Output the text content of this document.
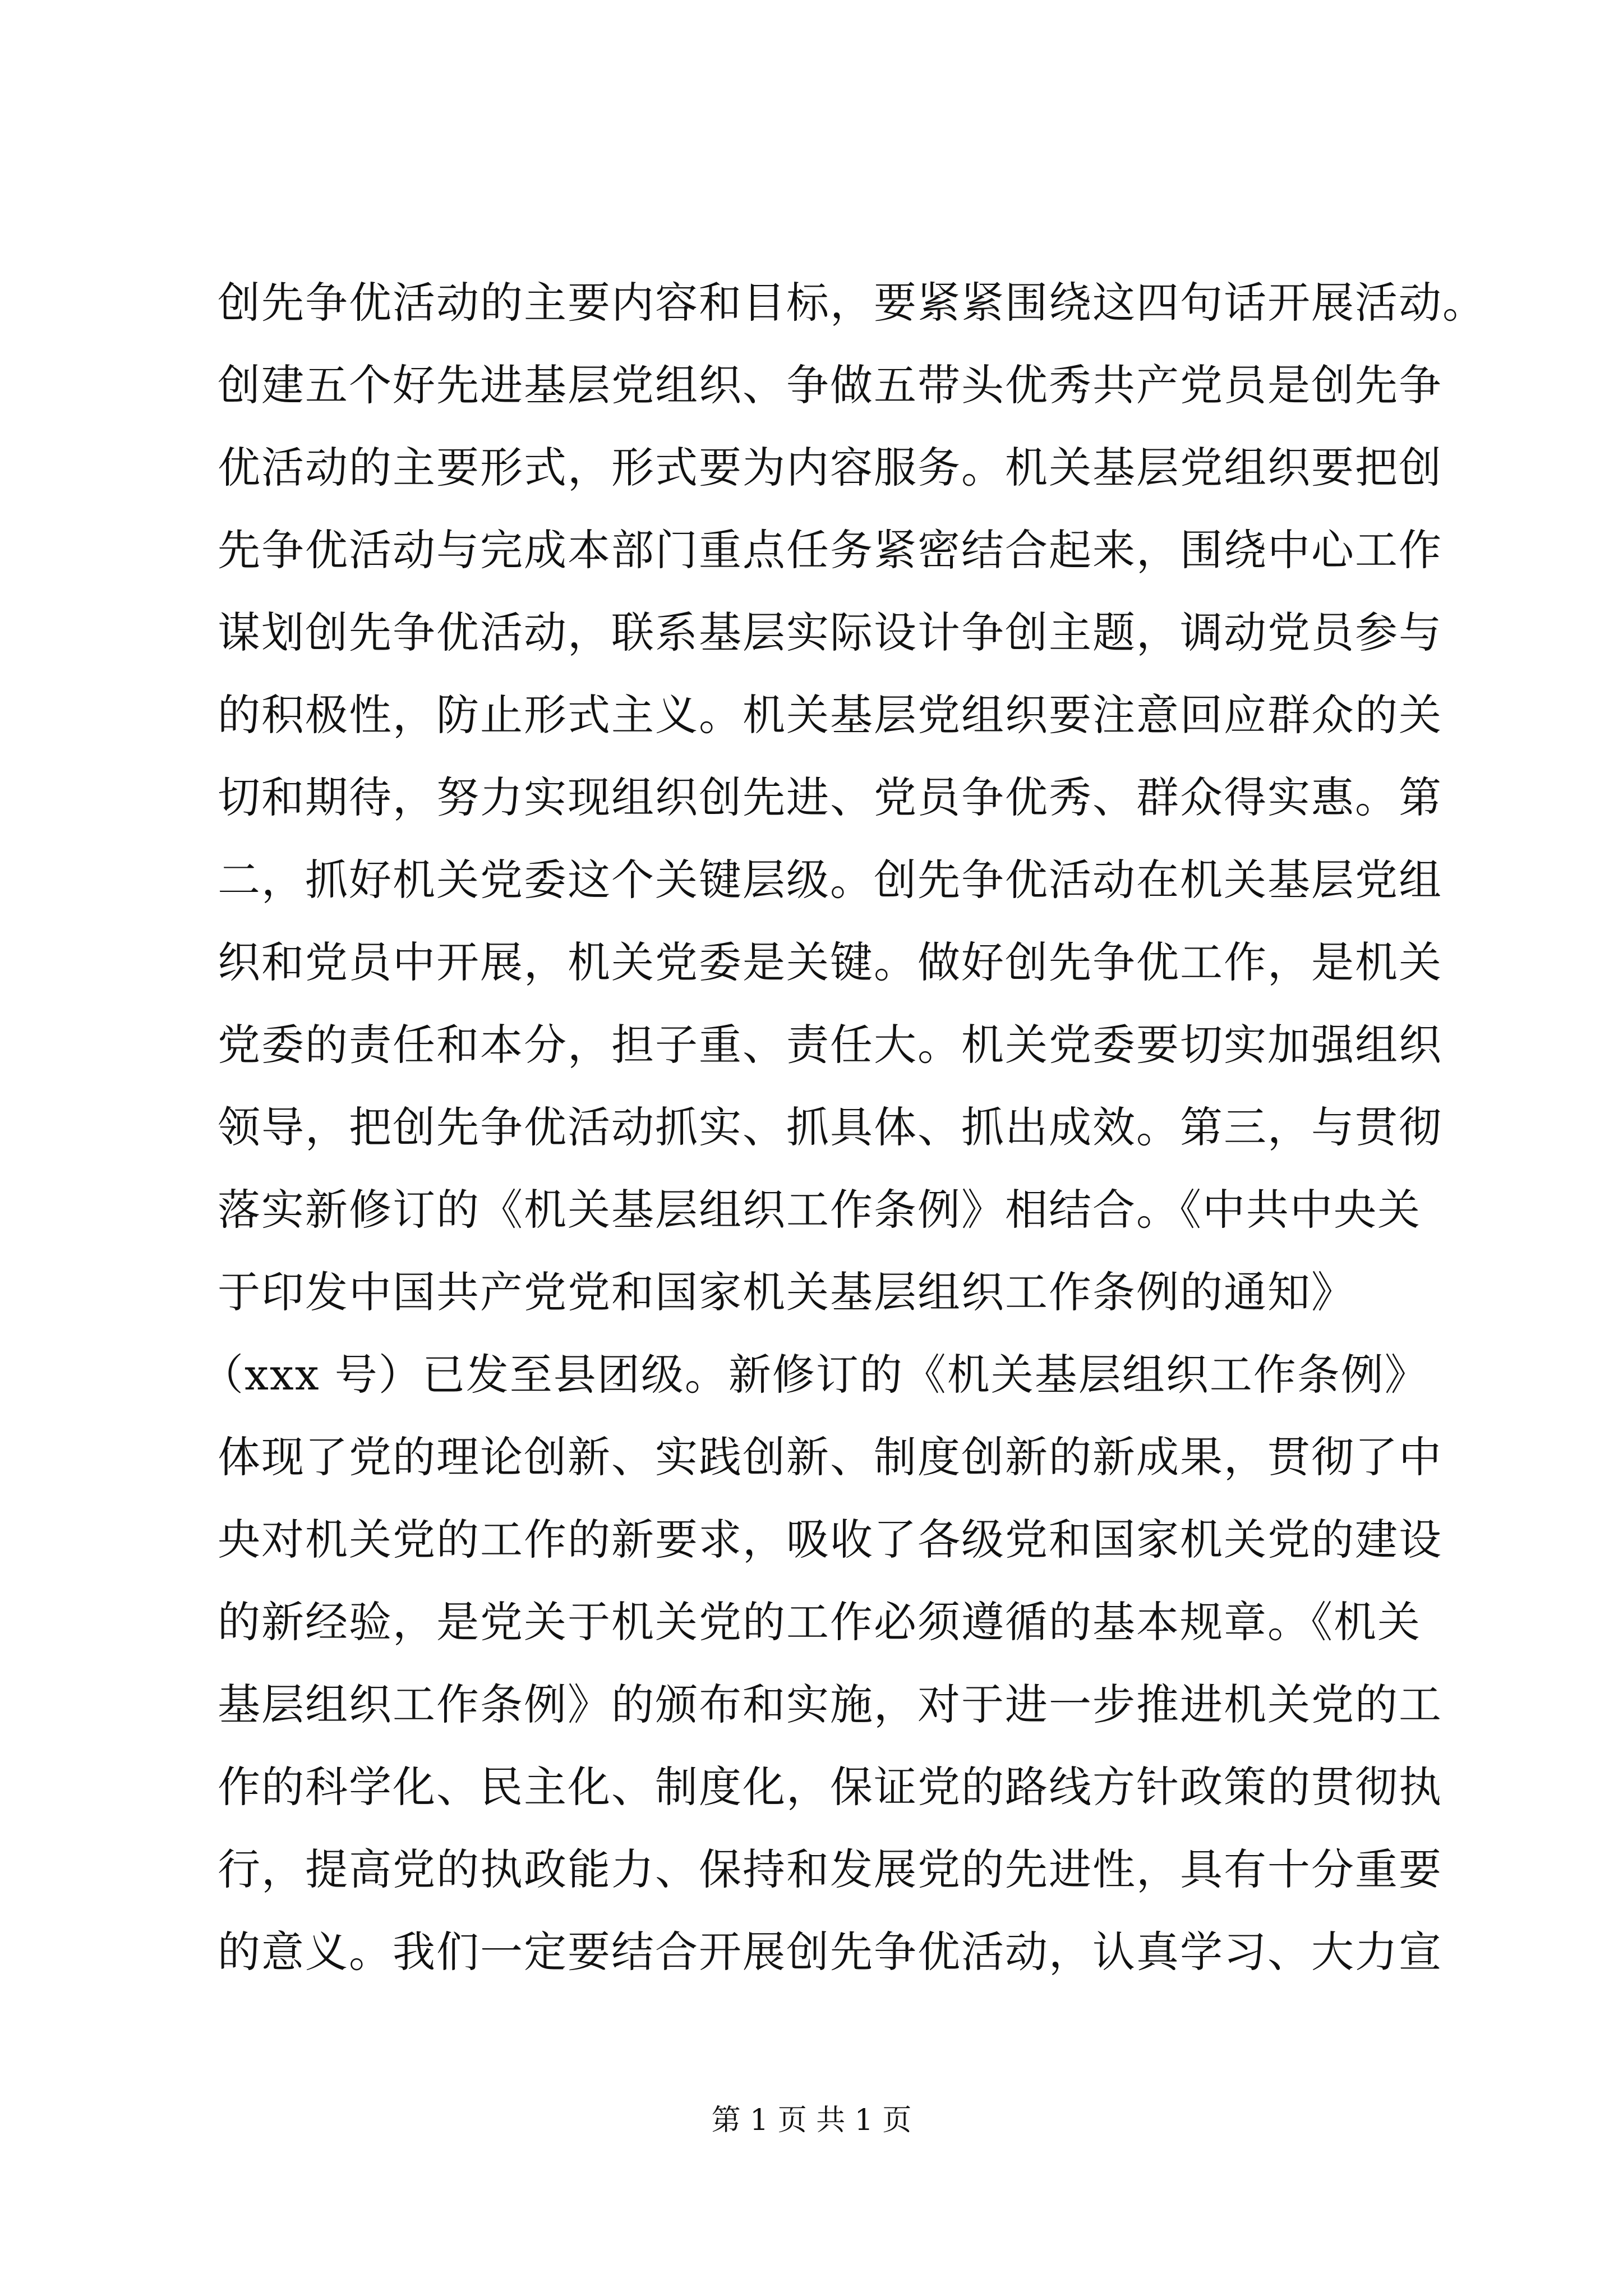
创先争优活动的主要内容和目标，要紧紧围绕这四句话开展活动。
创建五个好先进基层党组织、争做五带头优秀共产党员是创先争
优活动的主要形式，形式要为内容服务。机关基层党组织要把创
先争优活动与完成本部门重点任务紧密结合起来，围绕中心工作
谋划创先争优活动，联系基层实际设计争创主题，调动党员参与
的积极性，防止形式主义。机关基层党组织要注意回应群众的关
切和期待，努力实现组织创先进、党员争优秀、群众得实惠。第
二，抓好机关党委这个关键层级。创先争优活动在机关基层党组
织和党员中开展，机关党委是关键。做好创先争优工作，是机关
党委的责任和本分，担子重、责任大。机关党委要切实加强组织
领导，把创先争优活动抓实、抓具体、抓出成效。第三，与贯彻
落实新修订的《机关基层组织工作条例》相结合。《中共中央关
于印发中国共产党党和国家机关基层组织工作条例的通知》
（xxx 号）已发至县团级。新修订的《机关基层组织工作条例》
体现了党的理论创新、实践创新、制度创新的新成果，贯彻了中
央对机关党的工作的新要求，吸收了各级党和国家机关党的建设
的新经验，是党关于机关党的工作必须遵循的基本规章。《机关
基层组织工作条例》的颁布和实施，对于进一步推进机关党的工
作的科学化、民主化、制度化，保证党的路线方针政策的贯彻执
行，提高党的执政能力、保持和发展党的先进性，具有十分重要
的意义。我们一定要结合开展创先争优活动，认真学习、大力宣
第 1 页 共 1 页
